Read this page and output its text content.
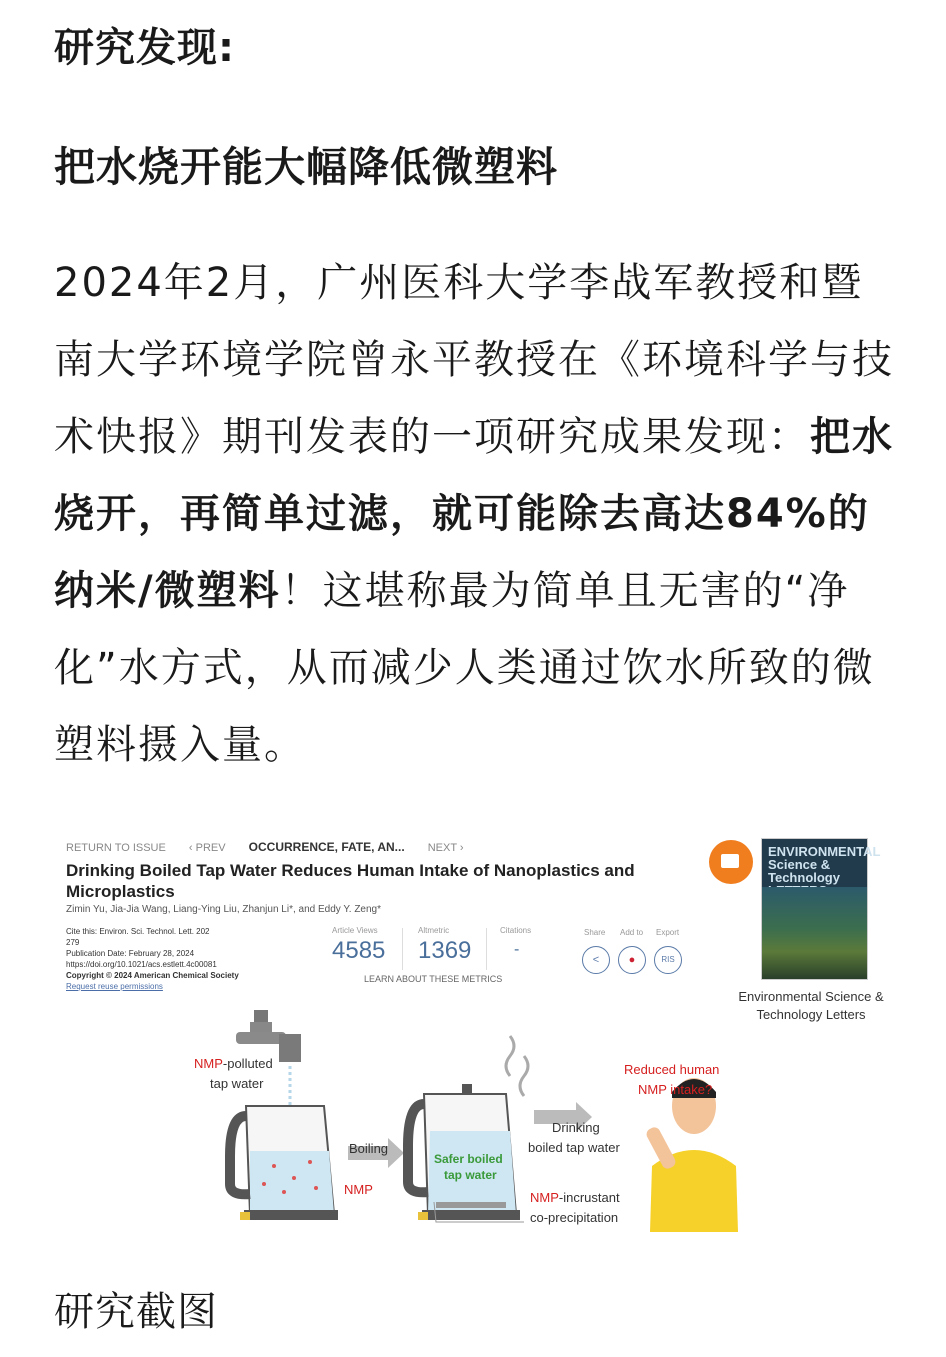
研究发现:
把水烧开能大幅降低微塑料
2024年2月，广州医科大学李战军教授和暨南大学环境学院曾永平教授在《环境科学与技术快报》期刊发表的一项研究成果发现：把水烧开，再简单过滤，就可能除去高达84%的纳米/微塑料！这堪称最为简单且无害的“净化”水方式，从而减少人类通过饮水所致的微塑料摄入量。
RETURN TO ISSUE ‹ PREV OCCURRENCE, FATE, AN... NEXT ›
Drinking Boiled Tap Water Reduces Human Intake of Nanoplastics and Microplastics
Zimin Yu, Jia-Jia Wang, Liang-Ying Liu, Zhanjun Li*, and Eddy Y. Zeng*
Cite this: Environ. Sci. Technol. Lett. 202
279
Publication Date: February 28, 2024
https://doi.org/10.1021/acs.estlett.4c00081
Copyright © 2024 American Chemical Society
Request reuse permissions
Article Views
4585
Altmetric
1369
Citations
-
LEARN ABOUT THESE METRICS
Share Add to Export
<	●	RIS
ENVIRONMENTAL Science & Technology
Environmental Science & Technology Letters
NMP-polluted
tap water
Boiling
NMP
Safer boiled
tap water
Drinking
boiled tap water
NMP-incrustant
co-precipitation
Reduced human
NMP intake?
研究截图
